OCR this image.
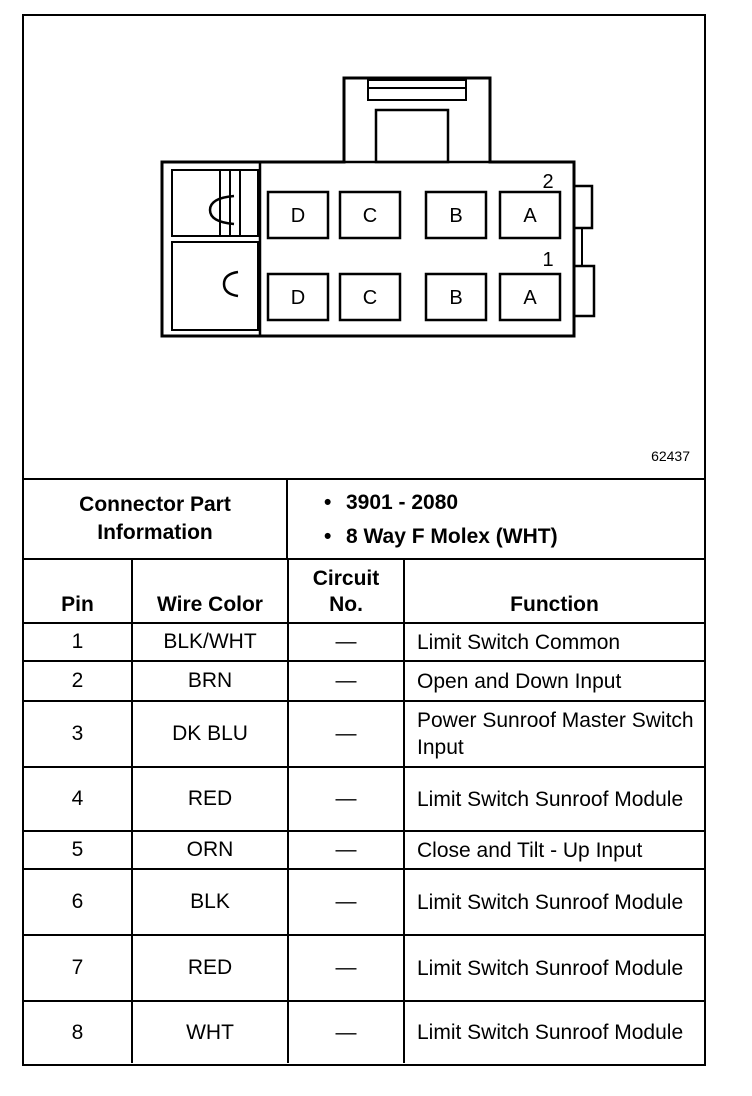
D	C	B	A
D	C	B	A
2
1
62437
Connector Part Information
• 3901 - 2080
• 8 Way F Molex (WHT)
Pin	Wire Color	Circuit No.	Function
1	BLK/WHT	—	Limit Switch Common
2	BRN	—	Open and Down Input
3	DK BLU	—	Power Sunroof Master Switch Input
4	RED	—	Limit Switch Sunroof Module
5	ORN	—	Close and Tilt - Up Input
6	BLK	—	Limit Switch Sunroof Module
7	RED	—	Limit Switch Sunroof Module
8	WHT	—	Limit Switch Sunroof Module
